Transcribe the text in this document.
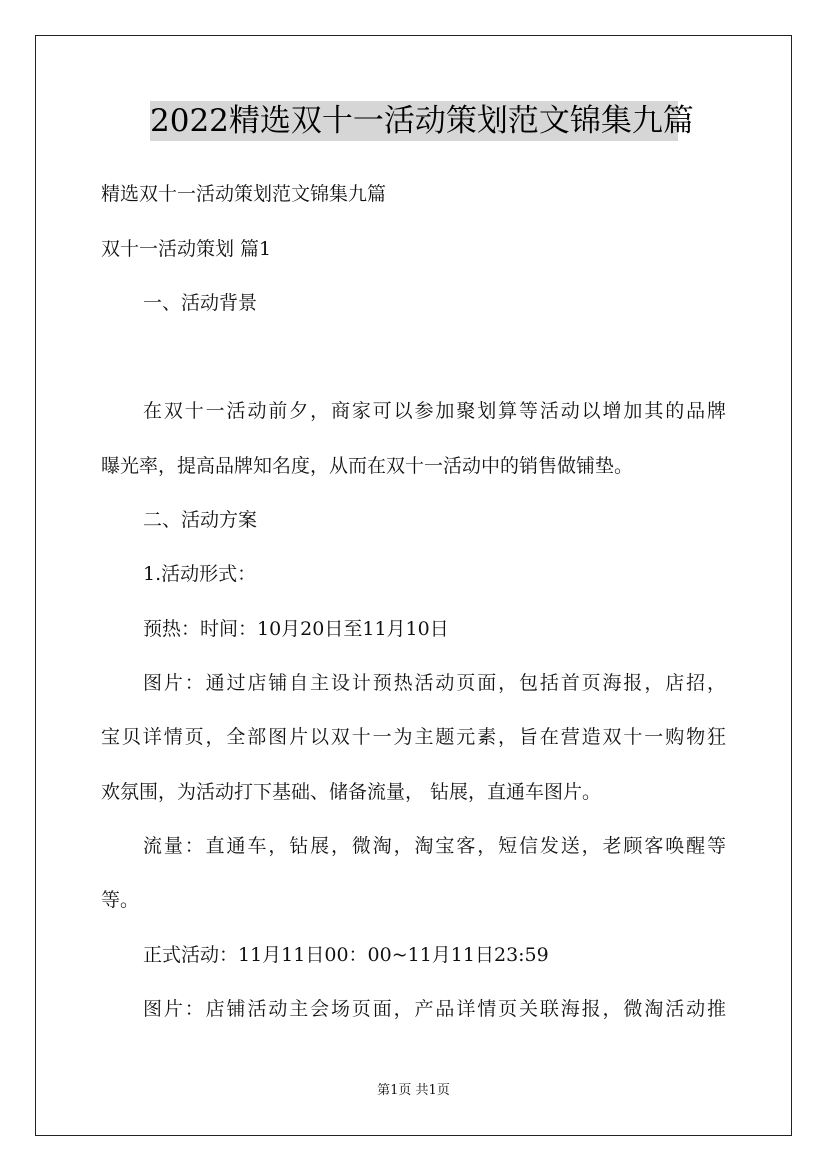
2022精选双十一活动策划范文锦集九篇
精选双十一活动策划范文锦集九篇
双十一活动策划 篇1
一、活动背景
在双十一活动前夕，商家可以参加聚划算等活动以增加其的品牌
曝光率，提高品牌知名度，从而在双十一活动中的销售做铺垫。
二、活动方案
1.活动形式：
预热：时间：10月20日至11月10日
图片：通过店铺自主设计预热活动页面，包括首页海报，店招，
宝贝详情页，全部图片以双十一为主题元素，旨在营造双十一购物狂
欢氛围，为活动打下基础、储备流量， 钻展，直通车图片。
流量：直通车，钻展，微淘，淘宝客，短信发送，老顾客唤醒等
等。
正式活动：11月11日00：00~11月11日23:59
图片：店铺活动主会场页面，产品详情页关联海报，微淘活动推
第1页 共1页
